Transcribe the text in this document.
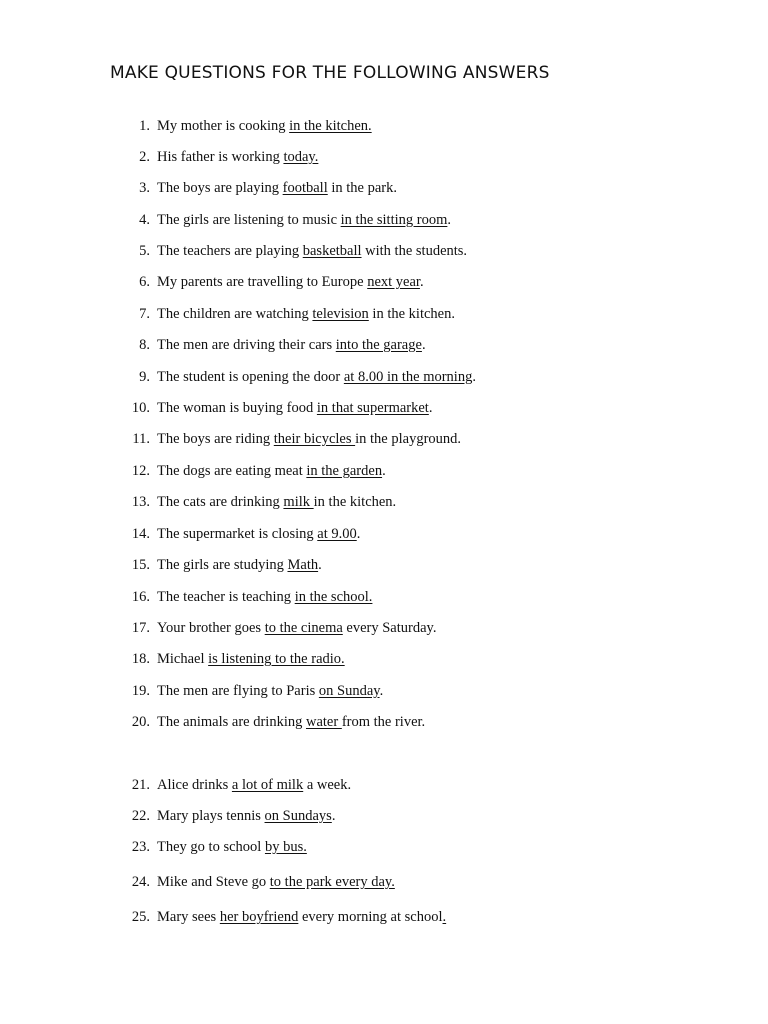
MAKE QUESTIONS FOR THE FOLLOWING ANSWERS
1. My mother is cooking in the kitchen.
2. His father is working today.
3. The boys are playing football in the park.
4. The girls are listening to music in the sitting room.
5. The teachers are playing basketball with the students.
6. My parents are travelling to Europe next year.
7. The children are watching television in the kitchen.
8. The men are driving their cars into the garage.
9. The student is opening the door at 8.00 in the morning.
10. The woman is buying food in that supermarket.
11. The boys are riding their bicycles in the playground.
12. The dogs are eating meat in the garden.
13. The cats are drinking milk in the kitchen.
14. The supermarket is closing at 9.00.
15. The girls are studying Math.
16. The teacher is teaching in the school.
17. Your brother goes to the cinema every Saturday.
18. Michael is listening to the radio.
19. The men are flying to Paris on Sunday.
20. The animals are drinking water from the river.
21. Alice drinks a lot of milk a week.
22. Mary plays tennis on Sundays.
23. They go to school by bus.
24. Mike and Steve go to the park every day.
25. Mary sees her boyfriend every morning at school.
